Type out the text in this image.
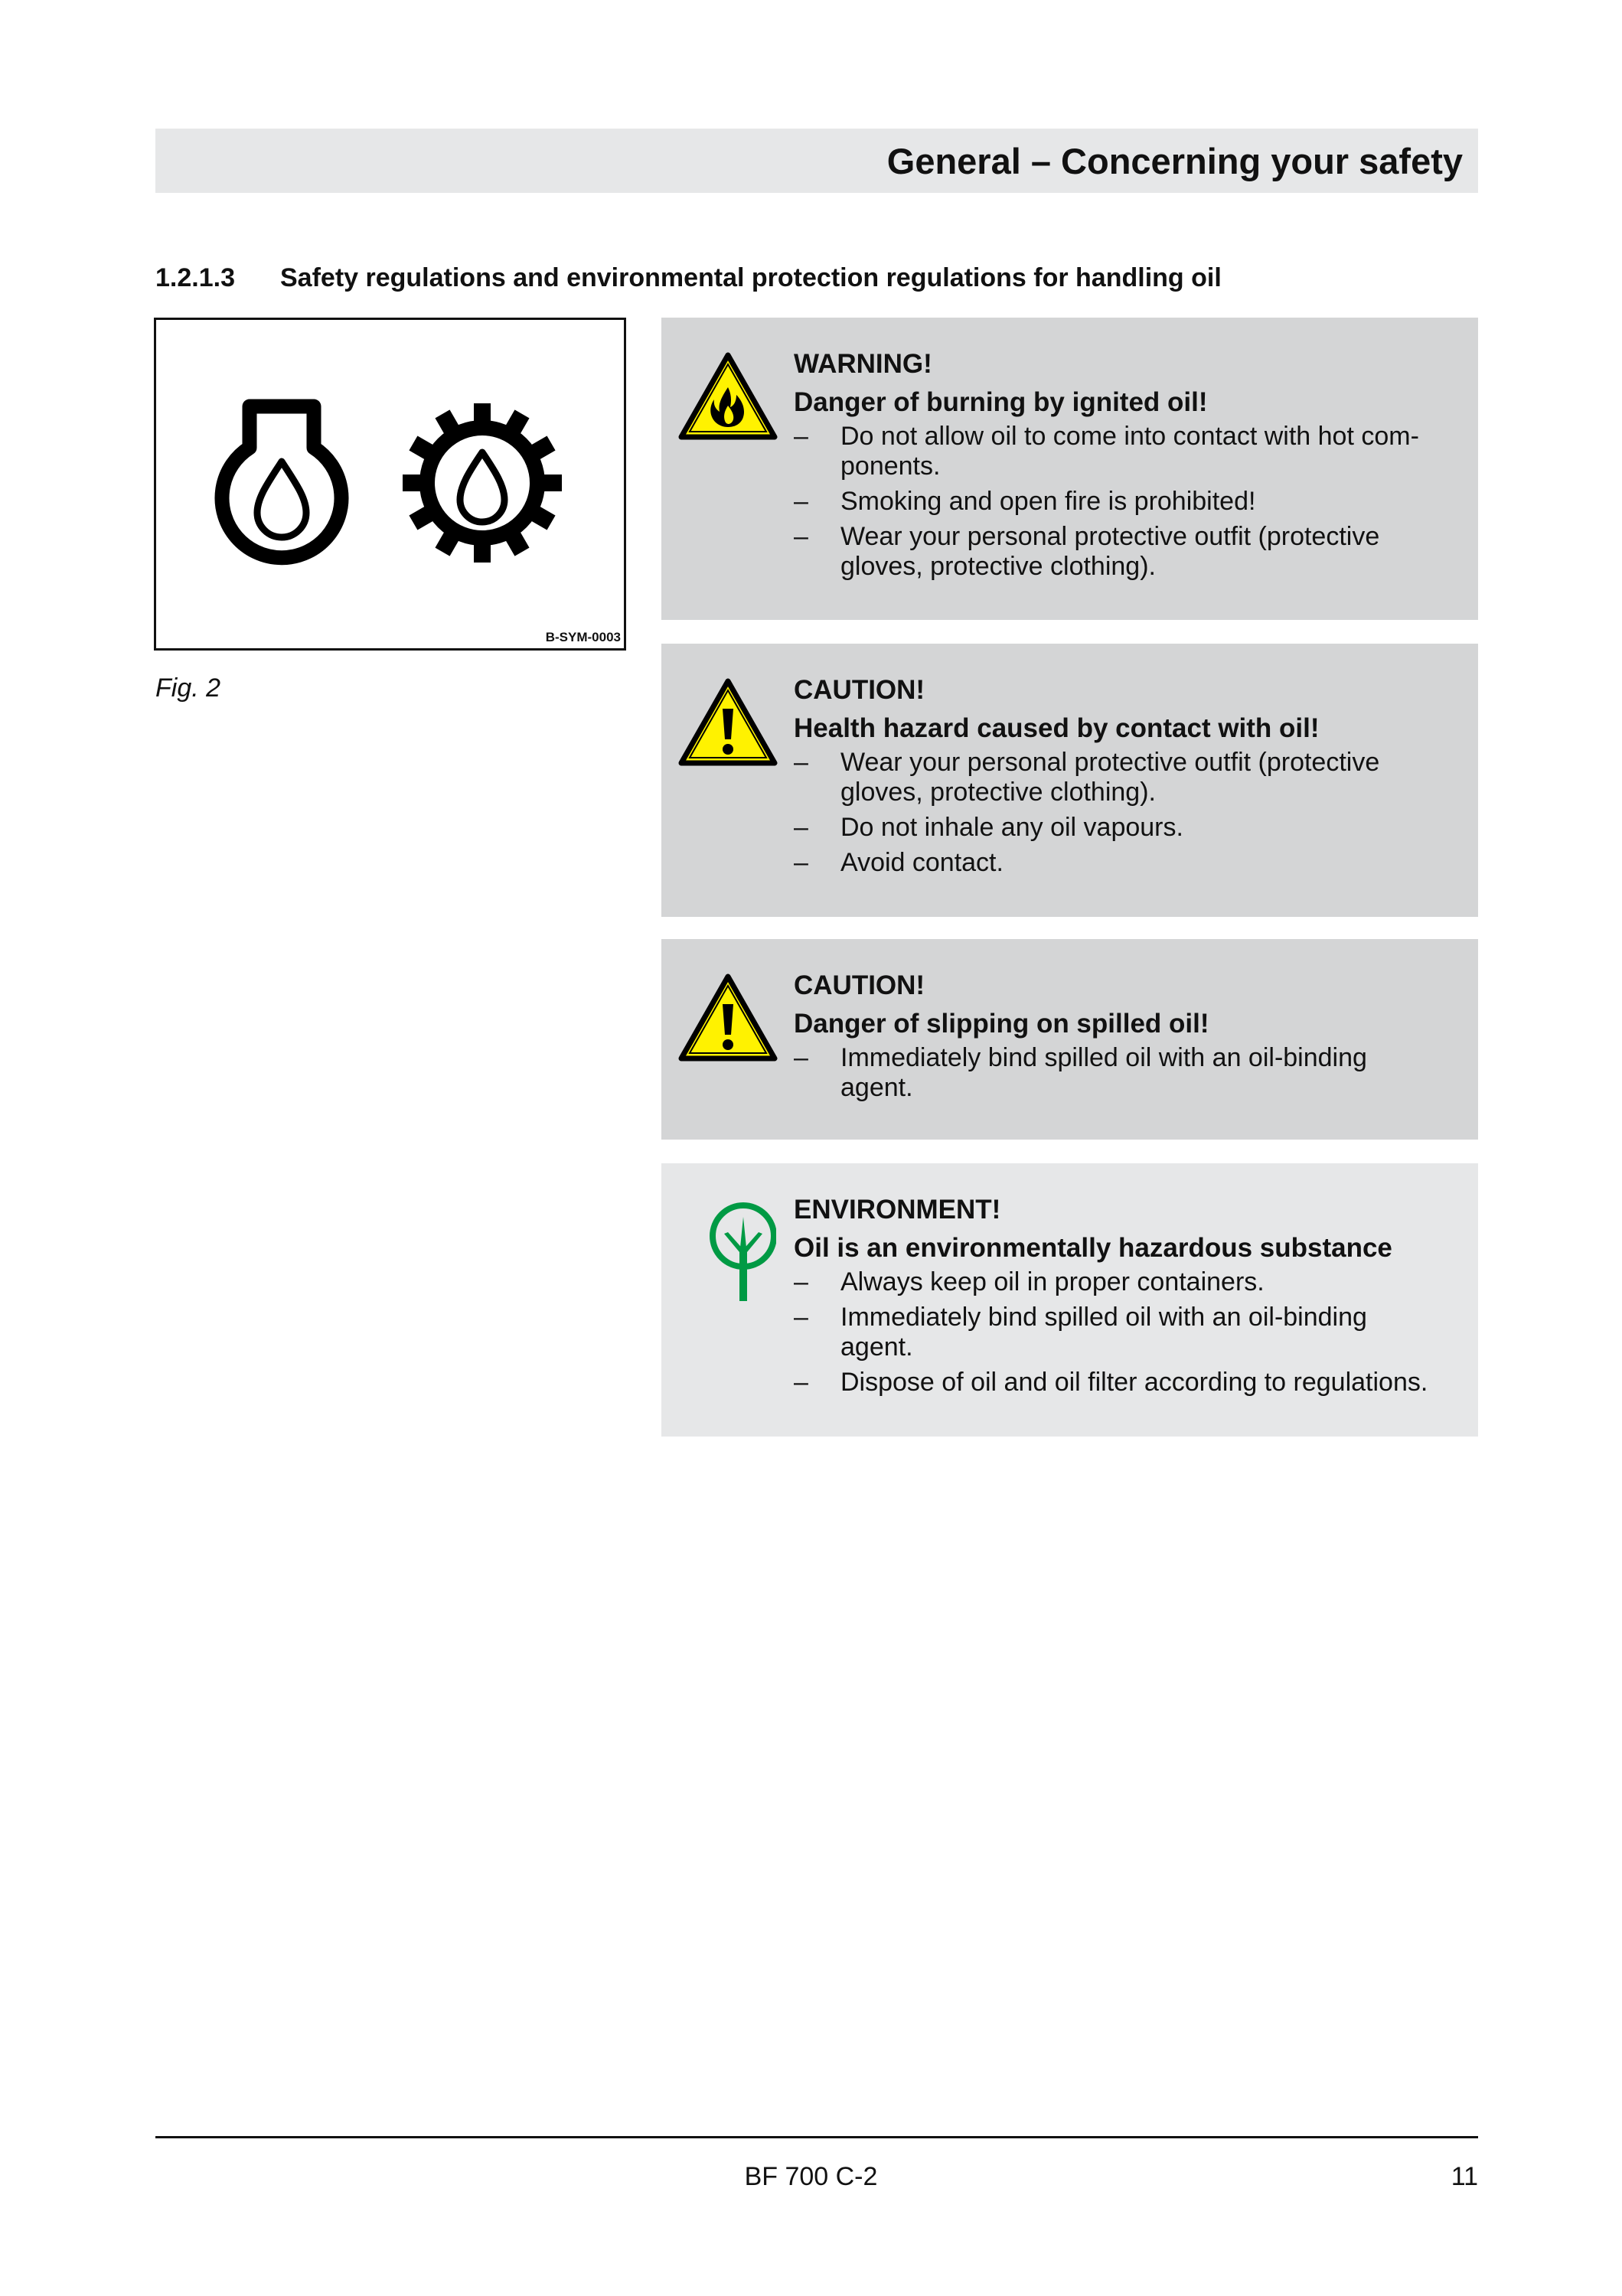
General – Concerning your safety
1.2.1.3	Safety regulations and environmental protection regulations for handling oil
B-SYM-0003
Fig. 2
WARNING!
Danger of burning by ignited oil!
– Do not allow oil to come into contact with hot com-ponents.
– Smoking and open fire is prohibited!
– Wear your personal protective outfit (protective gloves, protective clothing).
CAUTION!
Health hazard caused by contact with oil!
– Wear your personal protective outfit (protective gloves, protective clothing).
– Do not inhale any oil vapours.
– Avoid contact.
CAUTION!
Danger of slipping on spilled oil!
– Immediately bind spilled oil with an oil-binding agent.
ENVIRONMENT!
Oil is an environmentally hazardous substance
– Always keep oil in proper containers.
– Immediately bind spilled oil with an oil-binding agent.
– Dispose of oil and oil filter according to regulations.
BF 700 C-2	11
